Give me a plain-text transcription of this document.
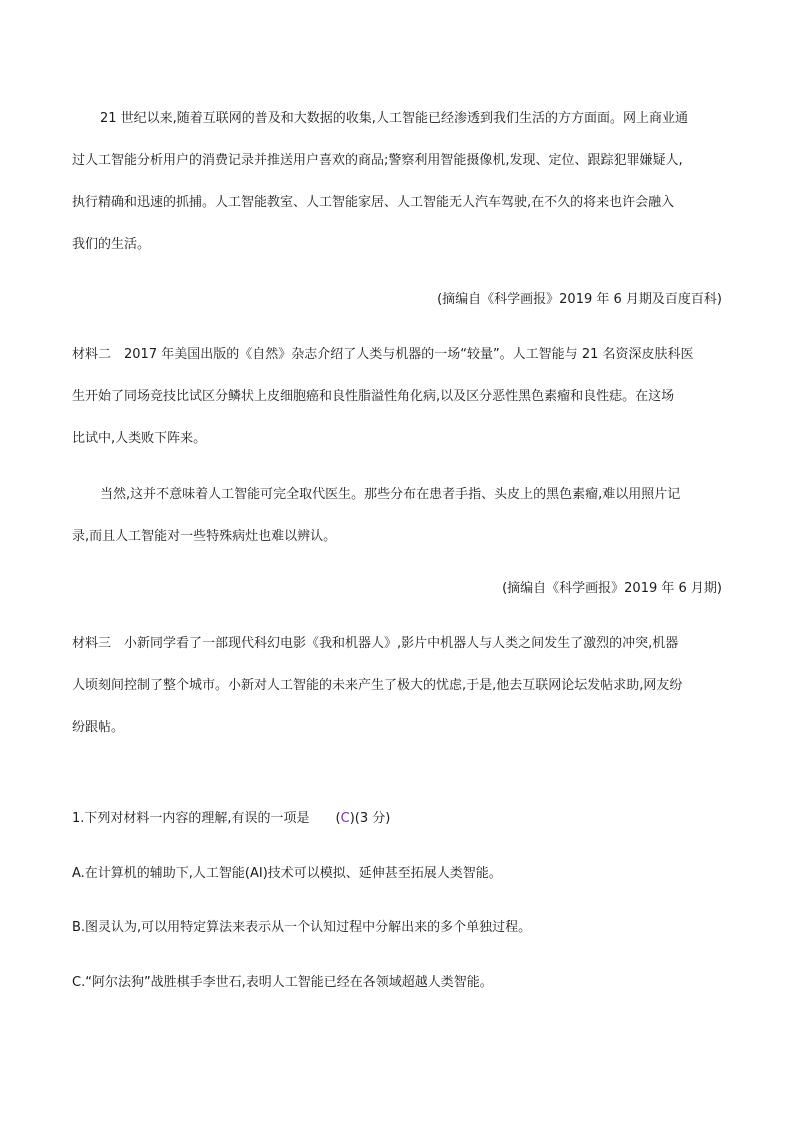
21 世纪以来,随着互联网的普及和大数据的收集,人工智能已经渗透到我们生活的方方面面。网上商业通
过人工智能分析用户的消费记录并推送用户喜欢的商品;警察利用智能摄像机,发现、定位、跟踪犯罪嫌疑人,
执行精确和迅速的抓捕。人工智能教室、人工智能家居、人工智能无人汽车驾驶,在不久的将来也许会融入
我们的生活。
(摘编自《科学画报》2019 年 6 月期及百度百科)
材料二　2017 年美国出版的《自然》杂志介绍了人类与机器的一场“较量”。人工智能与 21 名资深皮肤科医
生开始了同场竞技比试区分鳞状上皮细胞癌和良性脂溢性角化病,以及区分恶性黑色素瘤和良性痣。在这场
比试中,人类败下阵来。
当然,这并不意味着人工智能可完全取代医生。那些分布在患者手指、头皮上的黑色素瘤,难以用照片记
录,而且人工智能对一些特殊病灶也难以辨认。
(摘编自《科学画报》2019 年 6 月期)
材料三　小新同学看了一部现代科幻电影《我和机器人》,影片中机器人与人类之间发生了激烈的冲突,机器
人顷刻间控制了整个城市。小新对人工智能的未来产生了极大的忧虑,于是,他去互联网论坛发帖求助,网友纷
纷跟帖。
1.下列对材料一内容的理解,有误的一项是　　(C)(3 分)
A.在计算机的辅助下,人工智能(AI)技术可以模拟、延伸甚至拓展人类智能。
B.图灵认为,可以用特定算法来表示从一个认知过程中分解出来的多个单独过程。
C.“阿尔法狗”战胜棋手李世石,表明人工智能已经在各领域超越人类智能。
